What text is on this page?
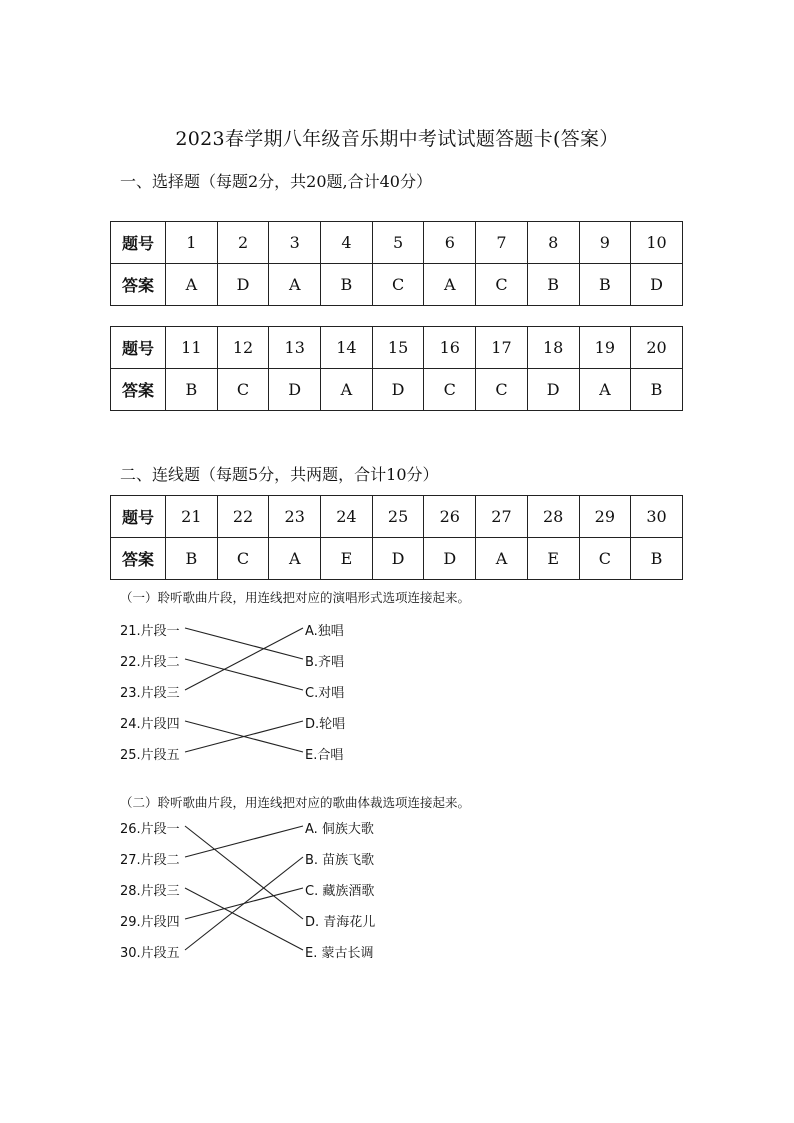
2023春学期八年级音乐期中考试试题答题卡(答案）
一、选择题（每题2分，共20题,合计40分）
题号	1	2	3	4	5	6	7	8	9	10
答案	A	D	A	B	C	A	C	B	B	D
题号	11	12	13	14	15	16	17	18	19	20
答案	B	C	D	A	D	C	C	D	A	B
二、连线题（每题5分，共两题，合计10分）
题号	21	22	23	24	25	26	27	28	29	30
答案	B	C	A	E	D	D	A	E	C	B
（一）聆听歌曲片段，用连线把对应的演唱形式选项连接起来。
21.片段一
22.片段二
23.片段三
24.片段四
25.片段五
A.独唱
B.齐唱
C.对唱
D.轮唱
E.合唱
（二）聆听歌曲片段，用连线把对应的歌曲体裁选项连接起来。
26.片段一
27.片段二
28.片段三
29.片段四
30.片段五
A. 侗族大歌
B. 苗族飞歌
C. 藏族酒歌
D. 青海花儿
E. 蒙古长调
